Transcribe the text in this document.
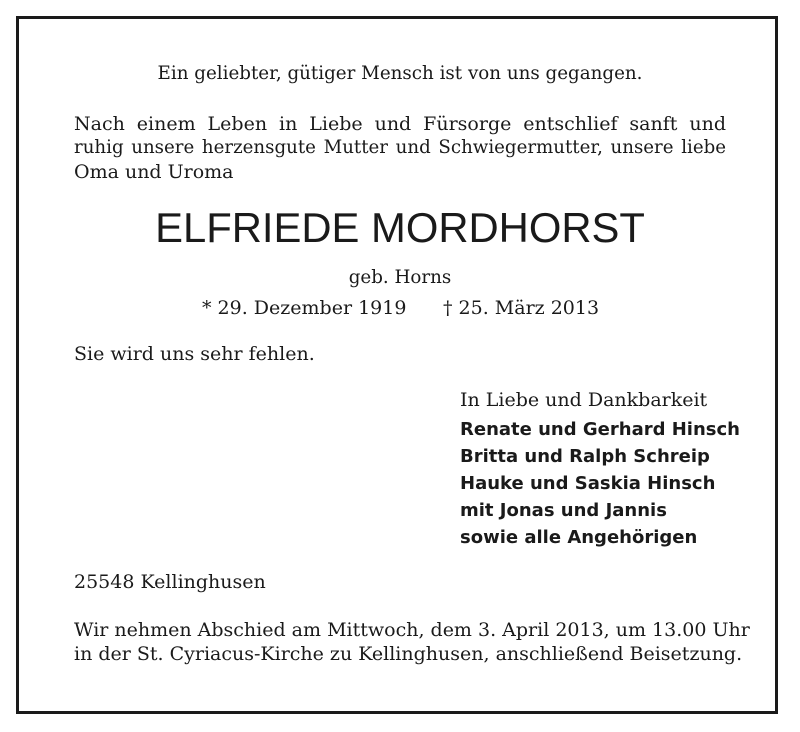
Ein geliebter, gütiger Mensch ist von uns gegangen.
Nach einem Leben in Liebe und Fürsorge entschlief sanft und
ruhig unsere herzensgute Mutter und Schwiegermutter, unsere liebe
Oma und Uroma
ELFRIEDE MORDHORST
geb. Horns
* 29. Dezember 1919 † 25. März 2013
Sie wird uns sehr fehlen.
In Liebe und Dankbarkeit
Renate und Gerhard Hinsch
Britta und Ralph Schreip
Hauke und Saskia Hinsch
mit Jonas und Jannis
sowie alle Angehörigen
25548 Kellinghusen
Wir nehmen Abschied am Mittwoch, dem 3. April 2013, um 13.00 Uhr
in der St. Cyriacus-Kirche zu Kellinghusen, anschließend Beisetzung.
